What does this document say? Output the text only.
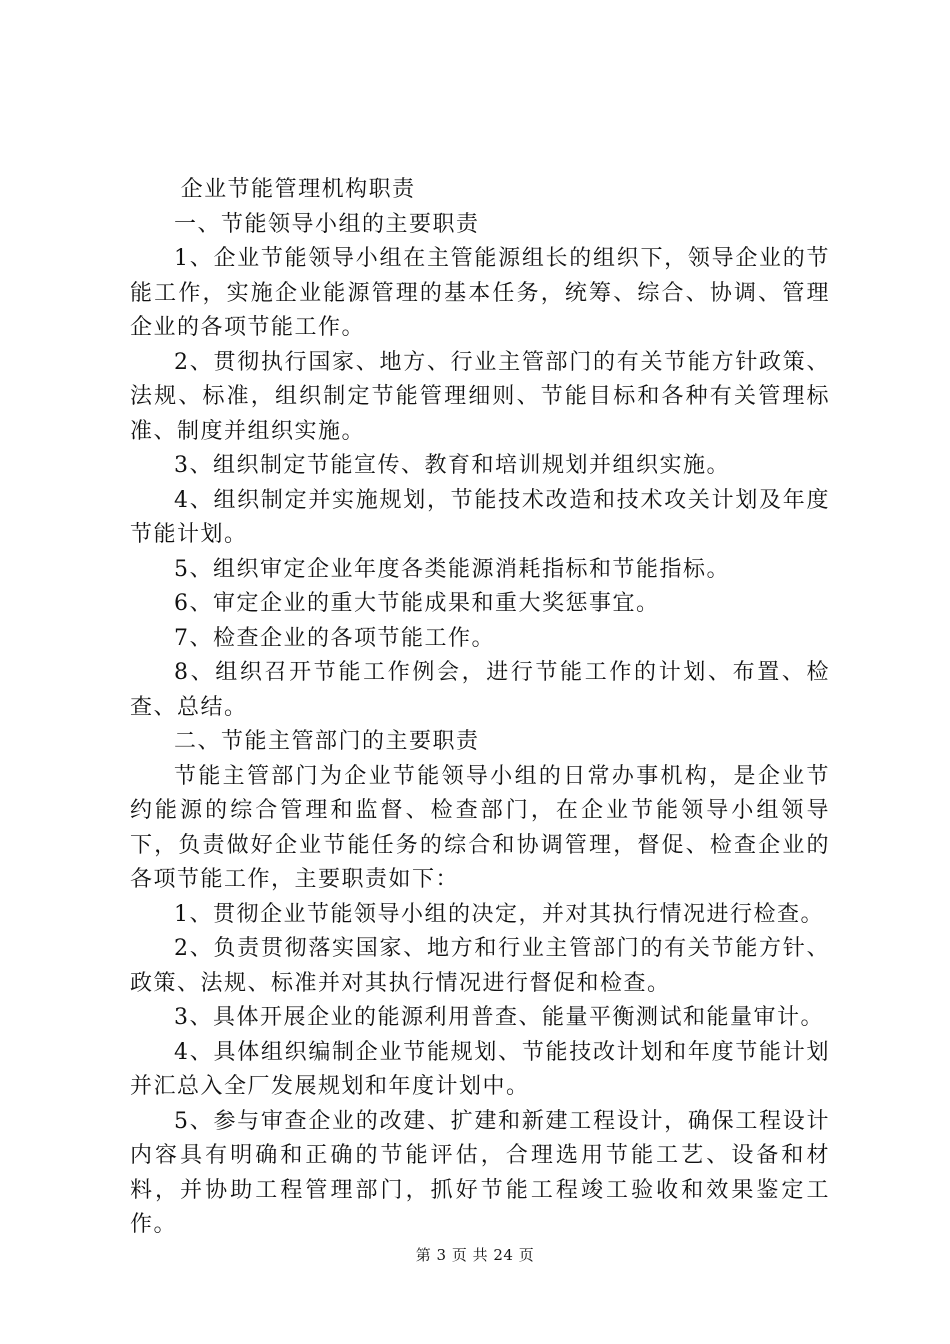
企业节能管理机构职责

一、节能领导小组的主要职责

1、企业节能领导小组在主管能源组长的组织下，领导企业的节能工作，实施企业能源管理的基本任务，统筹、综合、协调、管理企业的各项节能工作。

2、贯彻执行国家、地方、行业主管部门的有关节能方针政策、法规、标准，组织制定节能管理细则、节能目标和各种有关管理标准、制度并组织实施。

3、组织制定节能宣传、教育和培训规划并组织实施。

4、组织制定并实施规划，节能技术改造和技术攻关计划及年度节能计划。

5、组织审定企业年度各类能源消耗指标和节能指标。

6、审定企业的重大节能成果和重大奖惩事宜。

7、检查企业的各项节能工作。

8、组织召开节能工作例会，进行节能工作的计划、布置、检查、总结。

二、节能主管部门的主要职责

节能主管部门为企业节能领导小组的日常办事机构，是企业节约能源的综合管理和监督、检查部门，在企业节能领导小组领导下，负责做好企业节能任务的综合和协调管理，督促、检查企业的各项节能工作，主要职责如下：

1、贯彻企业节能领导小组的决定，并对其执行情况进行检查。

2、负责贯彻落实国家、地方和行业主管部门的有关节能方针、政策、法规、标准并对其执行情况进行督促和检查。

3、具体开展企业的能源利用普查、能量平衡测试和能量审计。

4、具体组织编制企业节能规划、节能技改计划和年度节能计划并汇总入全厂发展规划和年度计划中。

5、参与审查企业的改建、扩建和新建工程设计，确保工程设计内容具有明确和正确的节能评估，合理选用节能工艺、设备和材料，并协助工程管理部门，抓好节能工程竣工验收和效果鉴定工作。

第 3 页 共 24 页
